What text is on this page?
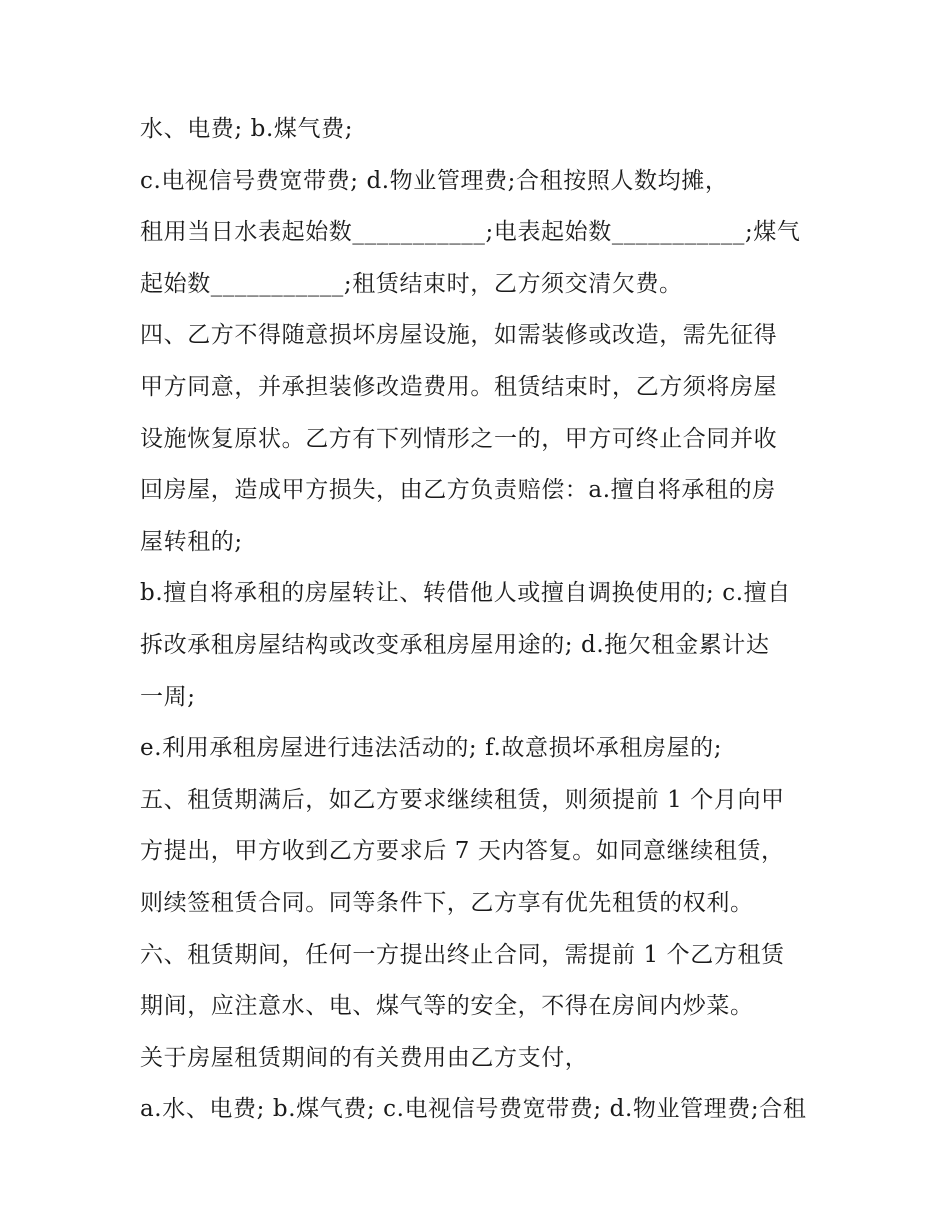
水、电费; b.煤气费;
c.电视信号费宽带费; d.物业管理费;合租按照人数均摊，
租用当日水表起始数___________;电表起始数___________;煤气
起始数___________;租赁结束时，乙方须交清欠费。
四、乙方不得随意损坏房屋设施，如需装修或改造，需先征得
甲方同意，并承担装修改造费用。租赁结束时，乙方须将房屋
设施恢复原状。乙方有下列情形之一的，甲方可终止合同并收
回房屋，造成甲方损失，由乙方负责赔偿：a.擅自将承租的房
屋转租的;
b.擅自将承租的房屋转让、转借他人或擅自调换使用的; c.擅自
拆改承租房屋结构或改变承租房屋用途的; d.拖欠租金累计达
一周;
e.利用承租房屋进行违法活动的; f.故意损坏承租房屋的;
五、租赁期满后，如乙方要求继续租赁，则须提前 1 个月向甲
方提出，甲方收到乙方要求后 7 天内答复。如同意继续租赁，
则续签租赁合同。同等条件下，乙方享有优先租赁的权利。
六、租赁期间，任何一方提出终止合同，需提前 1 个乙方租赁
期间，应注意水、电、煤气等的安全，不得在房间内炒菜。
关于房屋租赁期间的有关费用由乙方支付，
a.水、电费; b.煤气费; c.电视信号费宽带费; d.物业管理费;合租
